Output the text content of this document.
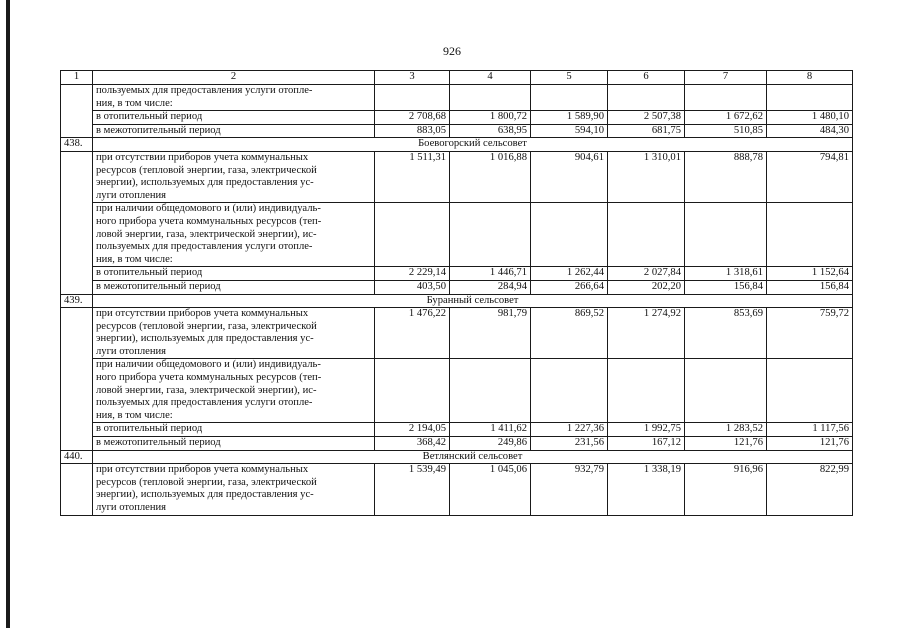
926
1	2	3	4	5	6	7	8

	пользуемых для предоставления услуги отопле-
ния, в том числе:						

	в отопительный период	2 708,68	1 800,72	1 589,90	2 507,38	1 672,62	1 480,10
	в межотопительный период	883,05	638,95	594,10	681,75	510,85	484,30
438.	Боевогорский сельсовет						

	при отсутствии приборов учета коммунальных
ресурсов (тепловой энергии, газа, электрической
энергии), используемых для предоставления ус-
луги отопления	1 511,31	1 016,88	904,61	1 310,01	888,78	794,81

	при наличии общедомового и (или) индивидуаль-
ного прибора учета коммунальных ресурсов (теп-
ловой энергии, газа, электрической энергии), ис-
пользуемых для предоставления услуги отопле-
ния, в том числе:						

	в отопительный период	2 229,14	1 446,71	1 262,44	2 027,84	1 318,61	1 152,64
	в межотопительный период	403,50	284,94	266,64	202,20	156,84	156,84
439.	Буранный сельсовет						

	при отсутствии приборов учета коммунальных
ресурсов (тепловой энергии, газа, электрической
энергии), используемых для предоставления ус-
луги отопления	1 476,22	981,79	869,52	1 274,92	853,69	759,72

	при наличии общедомового и (или) индивидуаль-
ного прибора учета коммунальных ресурсов (теп-
ловой энергии, газа, электрической энергии), ис-
пользуемых для предоставления услуги отопле-
ния, в том числе:						

	в отопительный период	2 194,05	1 411,62	1 227,36	1 992,75	1 283,52	1 117,56
	в межотопительный период	368,42	249,86	231,56	167,12	121,76	121,76
440.	Ветлянский сельсовет						

	при отсутствии приборов учета коммунальных
ресурсов (тепловой энергии, газа, электрической
энергии), используемых для предоставления ус-
луги отопления	1 539,49	1 045,06	932,79	1 338,19	916,96	822,99
